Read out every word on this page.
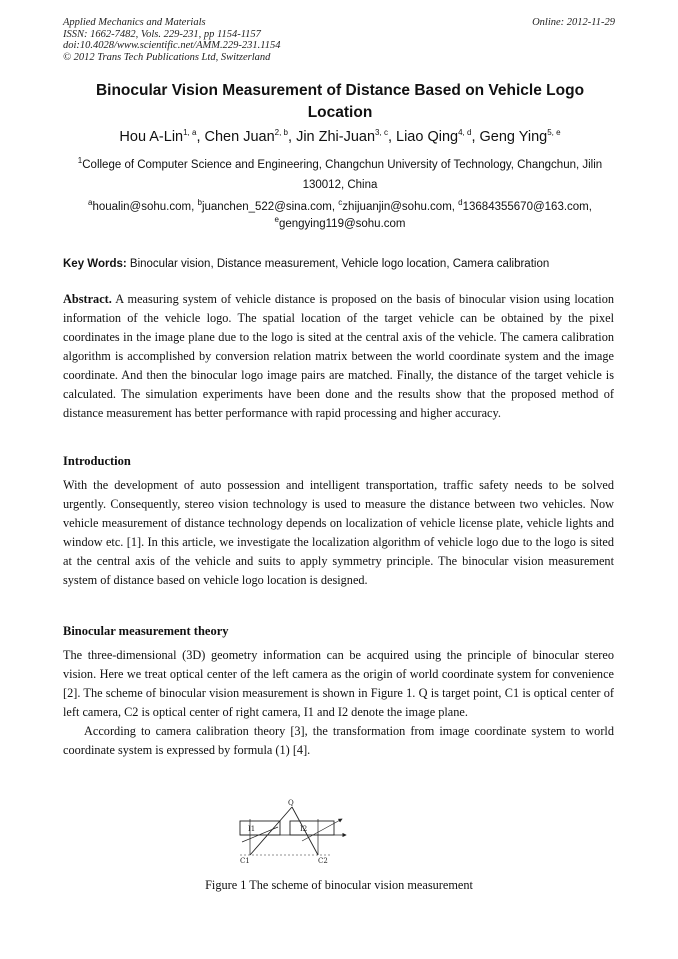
Applied Mechanics and Materials
ISSN: 1662-7482, Vols. 229-231, pp 1154-1157
doi:10.4028/www.scientific.net/AMM.229-231.1154
© 2012 Trans Tech Publications Ltd, Switzerland
Online: 2012-11-29
Binocular Vision Measurement of Distance Based on Vehicle Logo Location
Hou A-Lin$^{1, a}$, Chen Juan$^{2, b}$, Jin Zhi-Juan$^{3, c}$, Liao Qing$^{4, d}$, Geng Ying$^{5, e}$
$^1$College of Computer Science and Engineering, Changchun University of Technology, Changchun, Jilin 130012, China
$^a$houalin@sohu.com, $^b$juanchen_522@sina.com, $^c$zhijuanjin@sohu.com, $^d$13684355670@163.com,
$^e$gengying119@sohu.com
Key Words: Binocular vision, Distance measurement, Vehicle logo location, Camera calibration
Abstract. A measuring system of vehicle distance is proposed on the basis of binocular vision using location information of the vehicle logo. The spatial location of the target vehicle can be obtained by the pixel coordinates in the image plane due to the logo is sited at the central axis of the vehicle. The camera calibration algorithm is accomplished by conversion relation matrix between the world coordinate system and the image coordinate. And then the binocular logo image pairs are matched. Finally, the distance of the target vehicle is calculated. The simulation experiments have been done and the results show that the proposed method of distance measurement has better performance with rapid processing and higher accuracy.
Introduction
With the development of auto possession and intelligent transportation, traffic safety needs to be solved urgently. Consequently, stereo vision technology is used to measure the distance between two vehicles. Now vehicle measurement of distance technology depends on localization of vehicle license plate, vehicle lights and window etc. [1]. In this article, we investigate the localization algorithm of vehicle logo due to the logo is sited at the central axis of the vehicle and suits to apply symmetry principle. The binocular vision measurement system of distance based on vehicle logo location is designed.
Binocular measurement theory

The three-dimensional (3D) geometry information can be acquired using the principle of binocular stereo vision. Here we treat optical center of the left camera as the origin of world coordinate system for convenience [2]. The scheme of binocular vision measurement is shown in Figure 1. Q is target point, C1 is optical center of left camera, C2 is optical center of right camera, I1 and I2 denote the image plane.

According to camera calibration theory [3], the transformation from image coordinate system to world coordinate system is expressed by formula (1) [4].

Q
I1	I2
C1	C2
Figure 1 The scheme of binocular vision measurement
